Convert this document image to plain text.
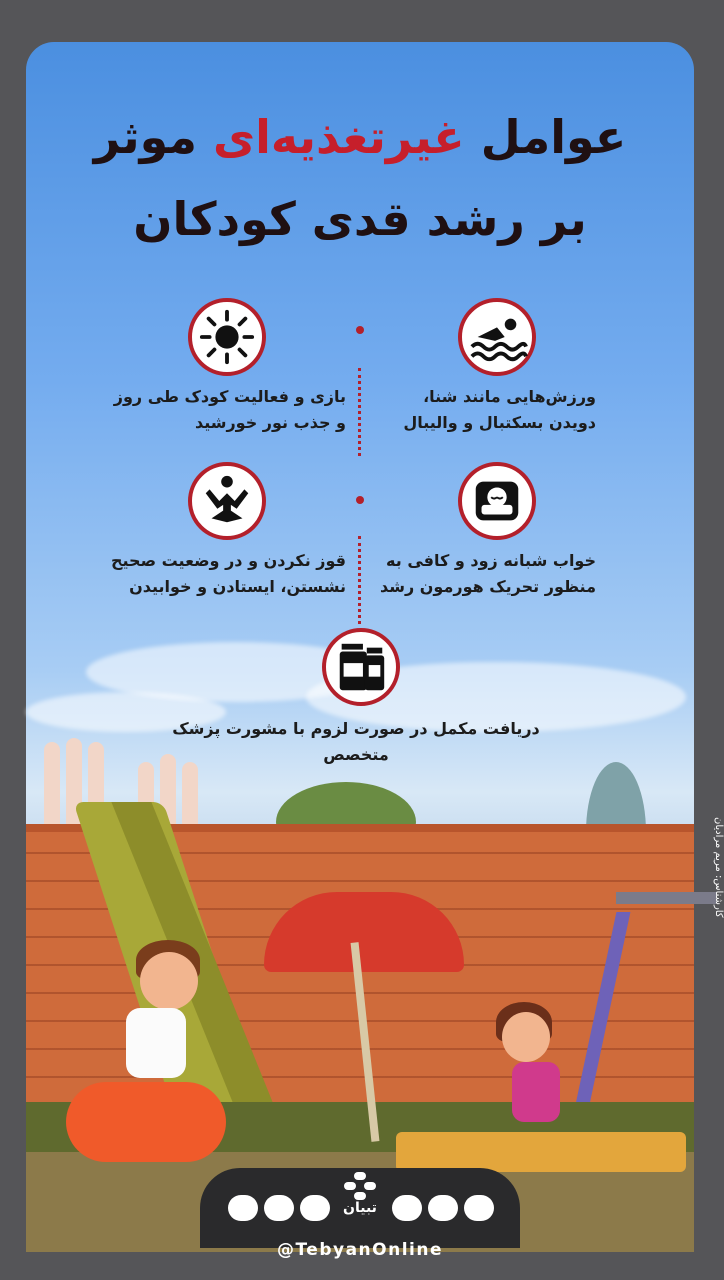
عوامل غیرتغذیه‌ای موثر
بر رشد قدی کودکان
ورزش‌هایی مانند شنا، دویدن بسکتبال و والیبال
بازی و فعالیت کودک طی روز و جذب نور خورشید
خواب شبانه زود و کافی به منظور تحریک هورمون رشد
قوز نکردن و در وضعیت صحیح نشستن، ایستادن و خوابیدن
دریافت مکمل در صورت لزوم با مشورت پزشک متخصص
کارشناس: مریم مرادیان
تبیان
@TebyanOnline
